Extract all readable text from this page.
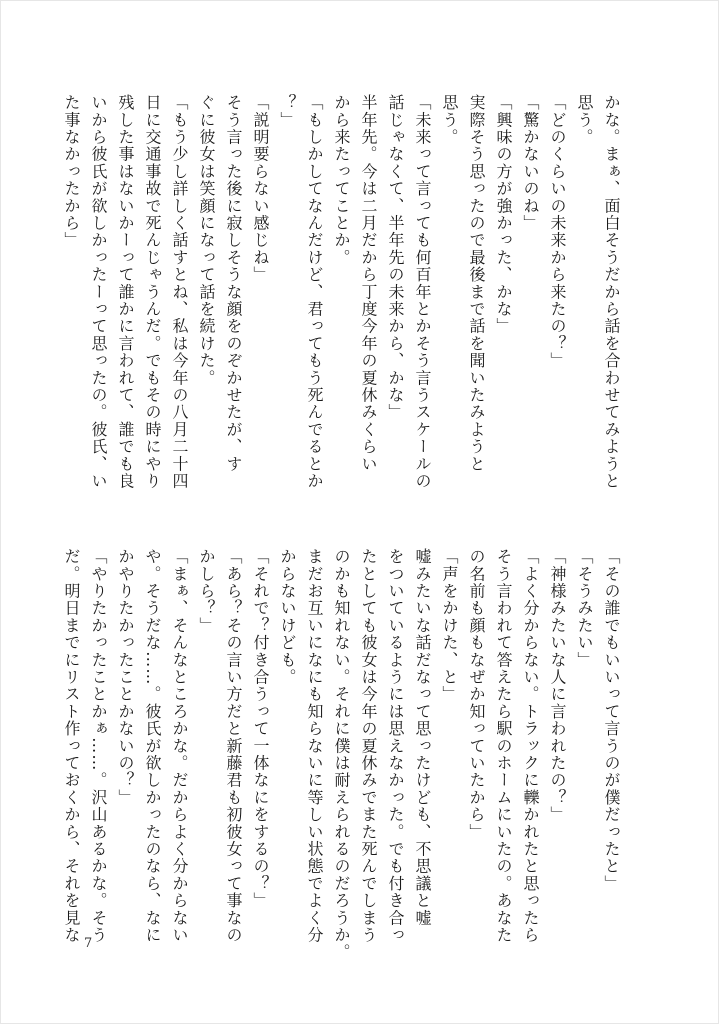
かな。まぁ、面白そうだから話を合わせてみようと
思う。
「どのくらいの未来から来たの？」
「驚かないのね」
「興味の方が強かった、かな」
実際そう思ったので最後まで話を聞いたみようと
思う。
「未来って言っても何百年とかそう言うスケールの
話じゃなくて、半年先の未来から、かな」
半年先。今は二月だから丁度今年の夏休みくらい
から来たってことか。
「もしかしてなんだけど、君ってもう死んでるとか
？」
「説明要らない感じね」
そう言った後に寂しそうな顔をのぞかせたが、す
ぐに彼女は笑顔になって話を続けた。
「もう少し詳しく話すとね、私は今年の八月二十四
日に交通事故で死んじゃうんだ。でもその時にやり
残した事はないかーって誰かに言われて、誰でも良
いから彼氏が欲しかったーって思ったの。彼氏、い
た事なかったから」
「その誰でもいいって言うのが僕だったと」
「そうみたい」
「神様みたいな人に言われたの？」
「よく分からない。トラックに轢かれたと思ったら
そう言われて答えたら駅のホームにいたの。あなた
の名前も顔もなぜか知っていたから」
「声をかけた、と」
嘘みたいな話だなって思ったけども、不思議と嘘
をついているようには思えなかった。でも付き合っ
たとしても彼女は今年の夏休みでまた死んでしまう
のかも知れない。それに僕は耐えられるのだろうか。
まだお互いになにも知らないに等しい状態でよく分
からないけども。
「それで？付き合うって一体なにをするの？」
「あら？その言い方だと新藤君も初彼女って事なの
かしら？」
「まぁ、そんなところかな。だからよく分からない
や。そうだな……。彼氏が欲しかったのなら、なに
かやりたかったことかないの？」
「やりたかったことかぁ……。沢山あるかな。そう
だ。明日までにリスト作っておくから、それを見な 7
